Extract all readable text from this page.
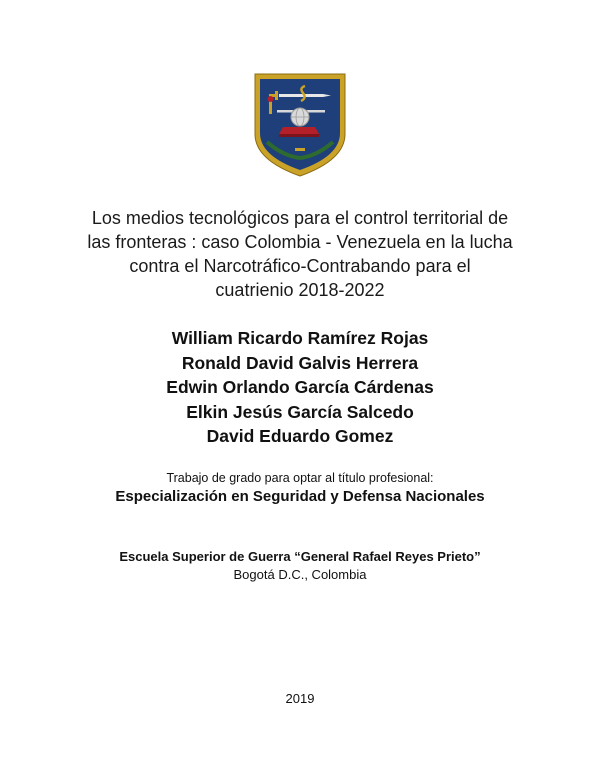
Los medios tecnológicos para el control territorial de
las fronteras : caso Colombia - Venezuela en la lucha
contra el Narcotráfico-Contrabando para el
cuatrienio 2018-2022
William Ricardo Ramírez Rojas
Ronald David Galvis Herrera
Edwin Orlando García Cárdenas
Elkin Jesús García Salcedo
David Eduardo Gomez
Trabajo de grado para optar al título profesional:
Especialización en Seguridad y Defensa Nacionales
Escuela Superior de Guerra “General Rafael Reyes Prieto”
Bogotá D.C., Colombia
2019
